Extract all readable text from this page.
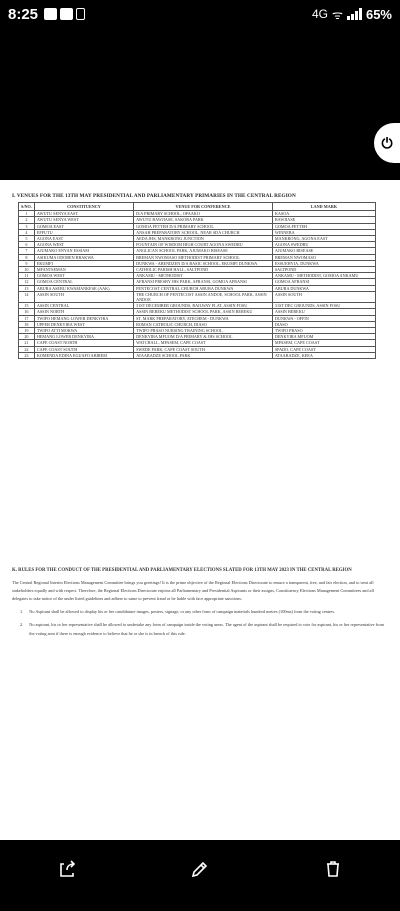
8:25	4G ᯤ 65%
⏻
I. VENUES FOR THE 13TH MAY PRESIDENTIAL AND PARLIAMENTARY PRIMARIES IN THE CENTRAL REGION
S/NO.	CONSTITUENCY	VENUE FOR CONFERENCE	LAND MARK
1	AWUTU SENYA EAST	D/A PRIMARY SCHOOL, OFAAKO	KASOA
2	AWUTU SENYA WEST	AWUTU BAWJIASE, SAKORA PARK	BAWJIASE
3	GOMOA EAST	GOMOA FETTEH D/A PRIMARY SCHOOL	GOMOA FETTEH
4	EFFUTU	ANSAH PREPARATORY SCHOOL, NEAR SDA CHURCH	WINNEBA
5	AGONA EAST	AEDA JHS, MANKRONG JUNCTION	MANKRONG, AGONA EAST
6	AGONA WEST	FOUNTAIN OF WISDOM HIGH COURT AGONA SWEDRU	AGONA SWEDRU
7	AJUMAKO ENYAN ESSIAM	ANGLICAN SCHOOL PARK, AJUMAKO BISEASE	AJUMAKO BISEASE
8	ASIKUMA ODOBEN BRAKWA	BREMAN NWOMASO METHODIST PRIMARY SCHOOL	BREMAN NWOMASO
9	EKUMFI	DUNKWA - ABENDZEN D/A BASIC SCHOOL, EKUMFI DUNKWA	ESSUEHYIA, DUNKWA
10	MFANTSEMAN	CATHOLIC PARISH HALL, SALTPOND	SALTPOND
11	GOMOA WEST	ANKAMU - METHODIST	ANKAMU - METHODIST, GOMOA ANKAMU
12	GOMOA CENTRAL	AFRANSI PRESBY JHS PARK, AFRANSI, GOMOA AFRANSI	GOMOA AFRANSI
13	ABURA ASEBU KWAMANKESE (AAK)	PENTECOST CENTRAL CHURCH ABURA DUNKWA	ABURA DUNKWA
14	ASSIN SOUTH	THE CHURCH OF PENTECOST ASSIN ANDOE, SCHOOL PARK, ASSIN ANDOE	ASSIN SOUTH
15	ASSIN CENTRAL	31ST DECEMBER GROUNDS, RAILWAY FLAT, ASSIN FOSU	31ST DEC GROUNDS, ASSIN FOSU
16	ASSIN NORTH	ASSIN BEREKU METHODIST SCHOOL PARK, ASSIN BEREKU	ASSIN BEREKU
17	TWIFO HEMANG LOWER DENKYIRA	ST. MARK PREPARATORY, ATECHEM - DUNKWA	DUNKWA - OFFIN
18	UPPER DENKYIRA WEST	ROMAN CATHOLIC CHURCH, DIASO	DIASO
19	TWIFO ATTI MOKWA	TWIFO PRASO NURSING TRAINING SCHOOL	TWIFO PRASO
20	HEMANG LOWER DENKYIRA	DENKYIRA MFUOM D/A PRIMARY & JHS SCHOOL	DENKYIRA MFUOM
21	CAPE COAST NORTH	WATCHALL, MPASEM, CAPE COAST	MPASEM, CAPE COAST
22	CAPE COAST SOUTH	SWEDE PARK, CAPE COAST SOUTH	SPADO, CAPE COAST
23	KOMENDA EDINA EGUAFO ABIREM	ATAABADZE SCHOOL PARK	ATAABADZE, KEEA
K. RULES FOR THE CONDUCT OF THE PRESIDENTIAL AND PARLIAMENTARY ELECTIONS SLATED FOR 13TH MAY 2023 IN THE CENTRAL REGION
The Central Regional Interim Elections Management Committee brings you greetings! It is the prime objective of the Regional Elections Directorate to ensure a transparent, free, and fair election, and to treat all stakeholders equally and with respect. Therefore, the Regional Elections Directorate enjoins all Parliamentary and Presidential Aspirants or their assigns, Constituency Elections Management Committees and all delegates to take notice of the under listed guidelines and adhere to same to prevent fraud or be liable with face appropriate sanctions:
1. No Aspirant shall be allowed to display his or her candidature images, posters, signage, or any other form of campaign materials hundred metres (100ms) from the voting centres.
2. No aspirant, his or her representative shall be allowed to undertake any form of campaign inside the voting areas. The agent of the aspirant shall be required to vote for aspirant, his or her representative from the voting area if there is enough evidence to believe that he or she is in breach of this rule.
